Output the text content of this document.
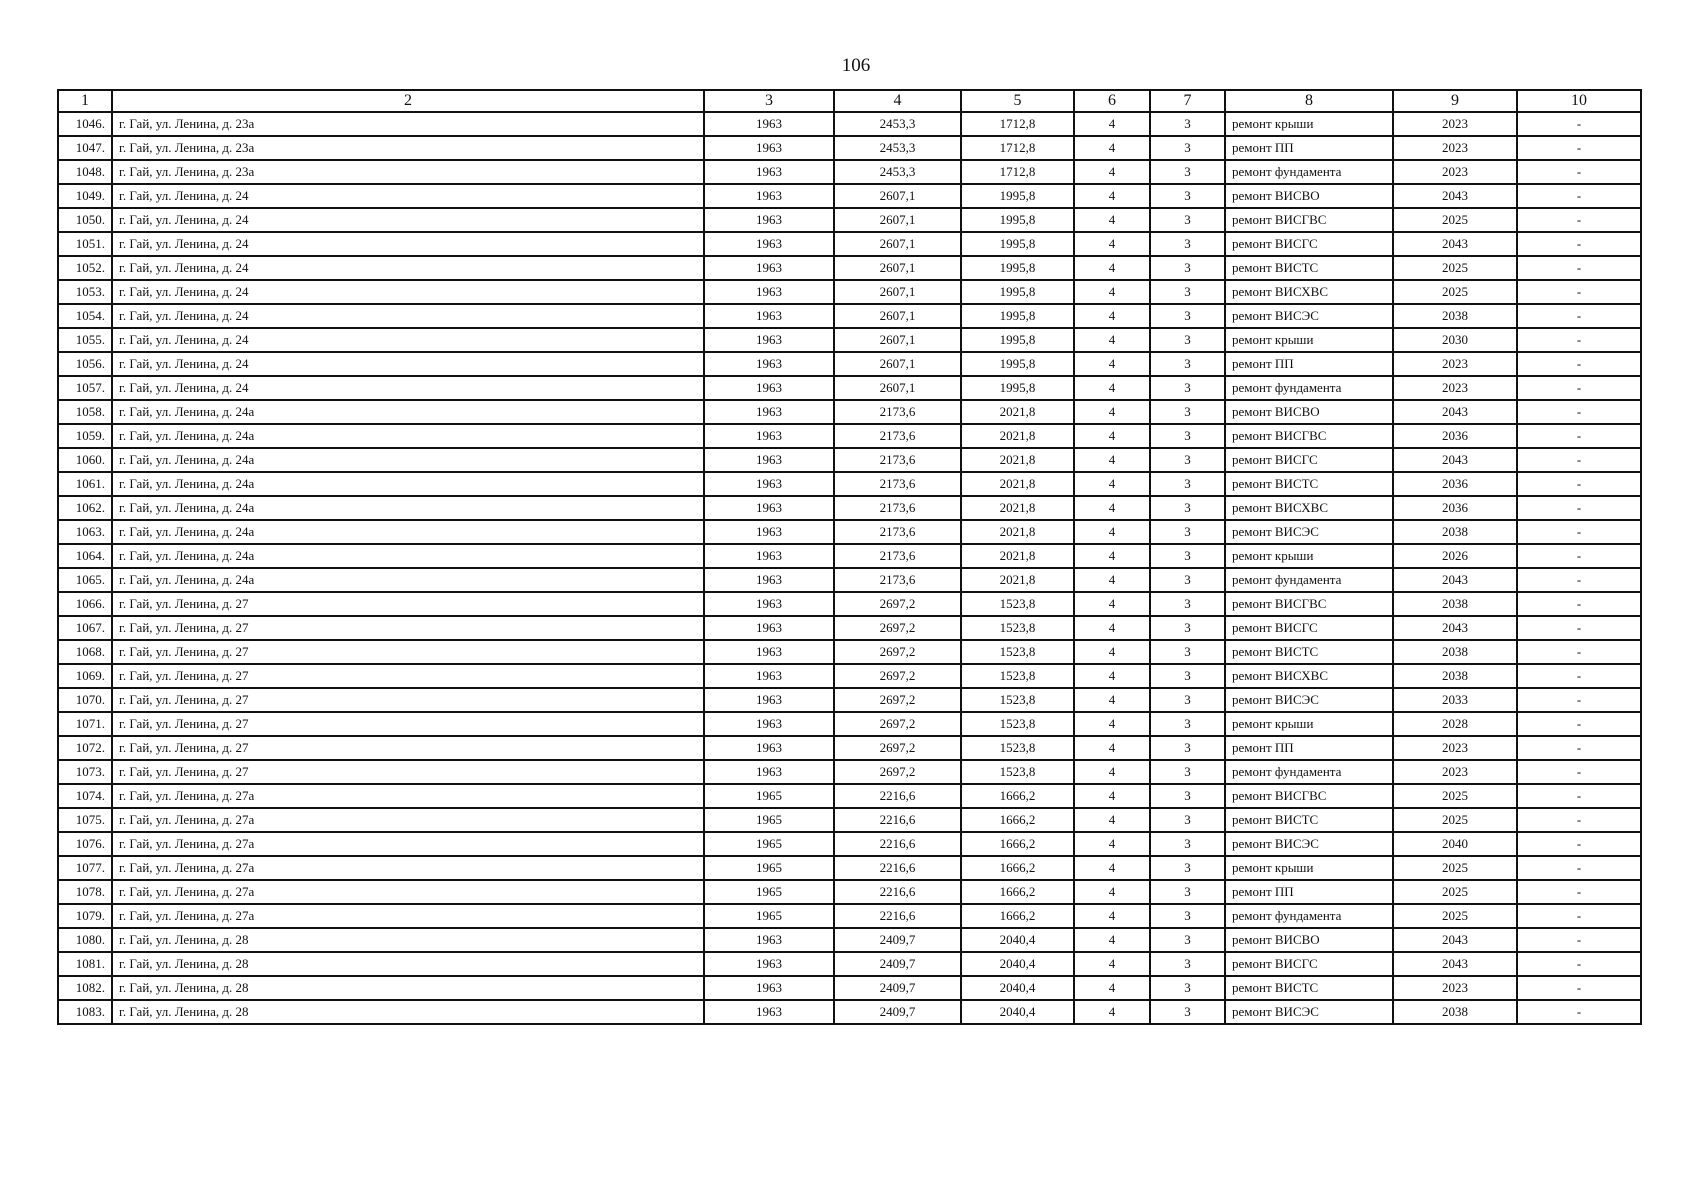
106
1	2	3	4	5	6	7	8	9	10
1046.	г. Гай, ул. Ленина, д. 23а	1963	2453,3	1712,8	4	3	ремонт крыши	2023	-
1047.	г. Гай, ул. Ленина, д. 23а	1963	2453,3	1712,8	4	3	ремонт ПП	2023	-
1048.	г. Гай, ул. Ленина, д. 23а	1963	2453,3	1712,8	4	3	ремонт фундамента	2023	-
1049.	г. Гай, ул. Ленина, д. 24	1963	2607,1	1995,8	4	3	ремонт ВИСВО	2043	-
1050.	г. Гай, ул. Ленина, д. 24	1963	2607,1	1995,8	4	3	ремонт ВИСГВС	2025	-
1051.	г. Гай, ул. Ленина, д. 24	1963	2607,1	1995,8	4	3	ремонт ВИСГС	2043	-
1052.	г. Гай, ул. Ленина, д. 24	1963	2607,1	1995,8	4	3	ремонт ВИСТС	2025	-
1053.	г. Гай, ул. Ленина, д. 24	1963	2607,1	1995,8	4	3	ремонт ВИСХВС	2025	-
1054.	г. Гай, ул. Ленина, д. 24	1963	2607,1	1995,8	4	3	ремонт ВИСЭС	2038	-
1055.	г. Гай, ул. Ленина, д. 24	1963	2607,1	1995,8	4	3	ремонт крыши	2030	-
1056.	г. Гай, ул. Ленина, д. 24	1963	2607,1	1995,8	4	3	ремонт ПП	2023	-
1057.	г. Гай, ул. Ленина, д. 24	1963	2607,1	1995,8	4	3	ремонт фундамента	2023	-
1058.	г. Гай, ул. Ленина, д. 24а	1963	2173,6	2021,8	4	3	ремонт ВИСВО	2043	-
1059.	г. Гай, ул. Ленина, д. 24а	1963	2173,6	2021,8	4	3	ремонт ВИСГВС	2036	-
1060.	г. Гай, ул. Ленина, д. 24а	1963	2173,6	2021,8	4	3	ремонт ВИСГС	2043	-
1061.	г. Гай, ул. Ленина, д. 24а	1963	2173,6	2021,8	4	3	ремонт ВИСТС	2036	-
1062.	г. Гай, ул. Ленина, д. 24а	1963	2173,6	2021,8	4	3	ремонт ВИСХВС	2036	-
1063.	г. Гай, ул. Ленина, д. 24а	1963	2173,6	2021,8	4	3	ремонт ВИСЭС	2038	-
1064.	г. Гай, ул. Ленина, д. 24а	1963	2173,6	2021,8	4	3	ремонт крыши	2026	-
1065.	г. Гай, ул. Ленина, д. 24а	1963	2173,6	2021,8	4	3	ремонт фундамента	2043	-
1066.	г. Гай, ул. Ленина, д. 27	1963	2697,2	1523,8	4	3	ремонт ВИСГВС	2038	-
1067.	г. Гай, ул. Ленина, д. 27	1963	2697,2	1523,8	4	3	ремонт ВИСГС	2043	-
1068.	г. Гай, ул. Ленина, д. 27	1963	2697,2	1523,8	4	3	ремонт ВИСТС	2038	-
1069.	г. Гай, ул. Ленина, д. 27	1963	2697,2	1523,8	4	3	ремонт ВИСХВС	2038	-
1070.	г. Гай, ул. Ленина, д. 27	1963	2697,2	1523,8	4	3	ремонт ВИСЭС	2033	-
1071.	г. Гай, ул. Ленина, д. 27	1963	2697,2	1523,8	4	3	ремонт крыши	2028	-
1072.	г. Гай, ул. Ленина, д. 27	1963	2697,2	1523,8	4	3	ремонт ПП	2023	-
1073.	г. Гай, ул. Ленина, д. 27	1963	2697,2	1523,8	4	3	ремонт фундамента	2023	-
1074.	г. Гай, ул. Ленина, д. 27а	1965	2216,6	1666,2	4	3	ремонт ВИСГВС	2025	-
1075.	г. Гай, ул. Ленина, д. 27а	1965	2216,6	1666,2	4	3	ремонт ВИСТС	2025	-
1076.	г. Гай, ул. Ленина, д. 27а	1965	2216,6	1666,2	4	3	ремонт ВИСЭС	2040	-
1077.	г. Гай, ул. Ленина, д. 27а	1965	2216,6	1666,2	4	3	ремонт крыши	2025	-
1078.	г. Гай, ул. Ленина, д. 27а	1965	2216,6	1666,2	4	3	ремонт ПП	2025	-
1079.	г. Гай, ул. Ленина, д. 27а	1965	2216,6	1666,2	4	3	ремонт фундамента	2025	-
1080.	г. Гай, ул. Ленина, д. 28	1963	2409,7	2040,4	4	3	ремонт ВИСВО	2043	-
1081.	г. Гай, ул. Ленина, д. 28	1963	2409,7	2040,4	4	3	ремонт ВИСГС	2043	-
1082.	г. Гай, ул. Ленина, д. 28	1963	2409,7	2040,4	4	3	ремонт ВИСТС	2023	-
1083.	г. Гай, ул. Ленина, д. 28	1963	2409,7	2040,4	4	3	ремонт ВИСЭС	2038	-
